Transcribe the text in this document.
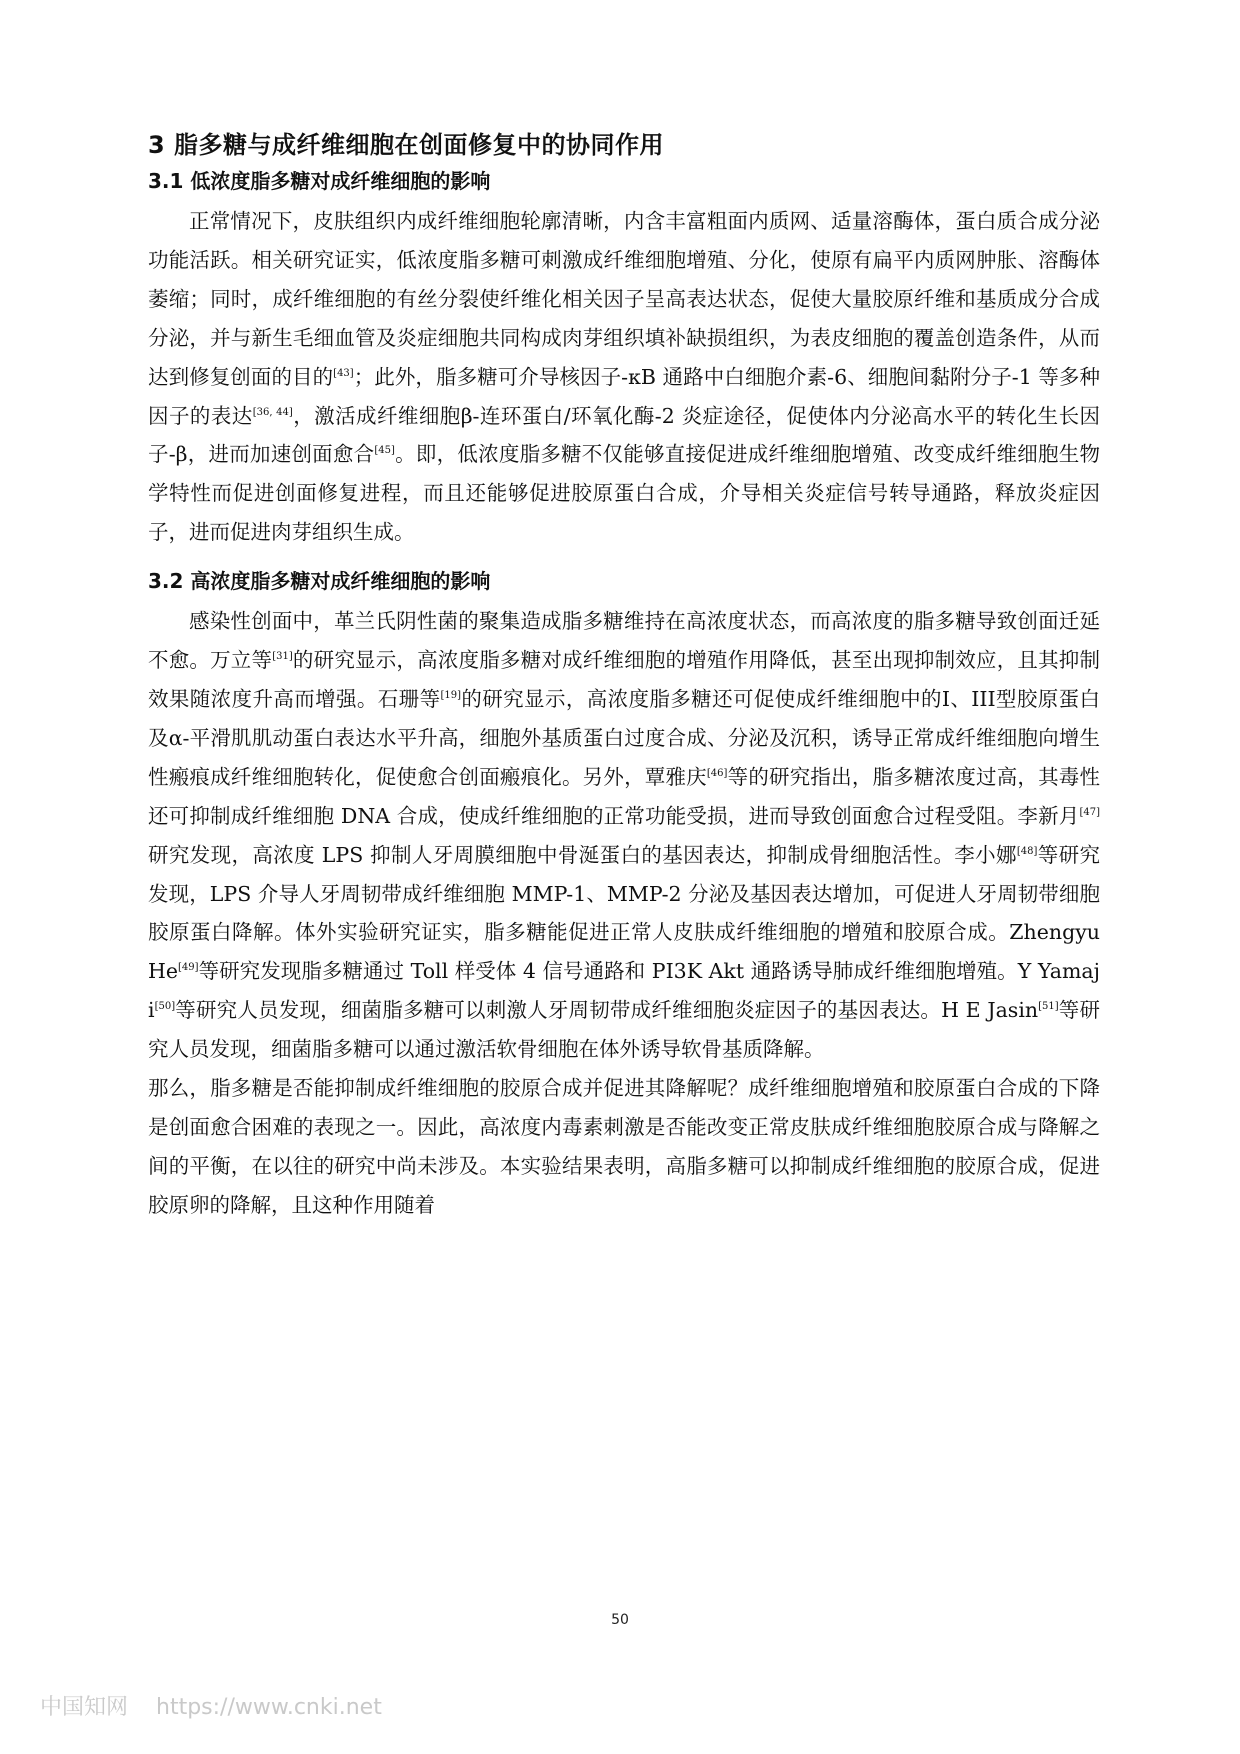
3 脂多糖与成纤维细胞在创面修复中的协同作用
3.1 低浓度脂多糖对成纤维细胞的影响

正常情况下，皮肤组织内成纤维细胞轮廓清晰，内含丰富粗面内质网、适量溶酶体，蛋白质合成分泌功能活跃。相关研究证实，低浓度脂多糖可刺激成纤维细胞增殖、分化，使原有扁平内质网肿胀、溶酶体萎缩；同时，成纤维细胞的有丝分裂使纤维化相关因子呈高表达状态，促使大量胶原纤维和基质成分合成分泌，并与新生毛细血管及炎症细胞共同构成肉芽组织填补缺损组织，为表皮细胞的覆盖创造条件，从而达到修复创面的目的[43]；此外，脂多糖可介导核因子-κB 通路中白细胞介素-6、细胞间黏附分子-1 等多种因子的表达[36, 44]，激活成纤维细胞β-连环蛋白/环氧化酶-2 炎症途径，促使体内分泌高水平的转化生长因子-β，进而加速创面愈合[45]。即，低浓度脂多糖不仅能够直接促进成纤维细胞增殖、改变成纤维细胞生物学特性而促进创面修复进程，而且还能够促进胶原蛋白合成，介导相关炎症信号转导通路，释放炎症因子，进而促进肉芽组织生成。

3.2 高浓度脂多糖对成纤维细胞的影响

感染性创面中，革兰氏阴性菌的聚集造成脂多糖维持在高浓度状态，而高浓度的脂多糖导致创面迁延不愈。万立等[31]的研究显示，高浓度脂多糖对成纤维细胞的增殖作用降低，甚至出现抑制效应，且其抑制效果随浓度升高而增强。石珊等[19]的研究显示，高浓度脂多糖还可促使成纤维细胞中的I、III型胶原蛋白及α-平滑肌肌动蛋白表达水平升高，细胞外基质蛋白过度合成、分泌及沉积，诱导正常成纤维细胞向增生性瘢痕成纤维细胞转化，促使愈合创面瘢痕化。另外，覃雅庆[46]等的研究指出，脂多糖浓度过高，其毒性还可抑制成纤维细胞 DNA 合成，使成纤维细胞的正常功能受损，进而导致创面愈合过程受阻。李新月[47]研究发现，高浓度 LPS 抑制人牙周膜细胞中骨涎蛋白的基因表达，抑制成骨细胞活性。李小娜[48]等研究发现，LPS 介导人牙周韧带成纤维细胞 MMP-1、MMP-2 分泌及基因表达增加，可促进人牙周韧带细胞胶原蛋白降解。体外实验研究证实，脂多糖能促进正常人皮肤成纤维细胞的增殖和胶原合成。Zhengyu He[49]等研究发现脂多糖通过 Toll 样受体 4 信号通路和 PI3K Akt 通路诱导肺成纤维细胞增殖。Y Yamaji[50]等研究人员发现，细菌脂多糖可以刺激人牙周韧带成纤维细胞炎症因子的基因表达。H E Jasin[51]等研究人员发现，细菌脂多糖可以通过激活软骨细胞在体外诱导软骨基质降解。

那么，脂多糖是否能抑制成纤维细胞的胶原合成并促进其降解呢？成纤维细胞增殖和胶原蛋白合成的下降是创面愈合困难的表现之一。因此，高浓度内毒素刺激是否能改变正常皮肤成纤维细胞胶原合成与降解之间的平衡，在以往的研究中尚未涉及。本实验结果表明，高脂多糖可以抑制成纤维细胞的胶原合成，促进胶原卵的降解，且这种作用随着

50
中国知网 https://www.cnki.net
